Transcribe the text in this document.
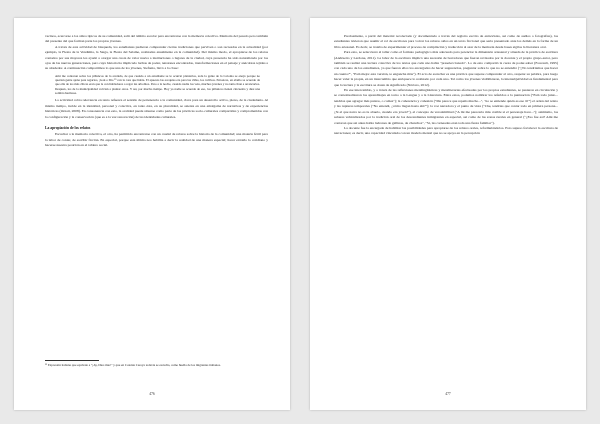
vecinos, acercarse a los sitios típicos de su comunidad, salir del ámbito escolar para encontrarse con la memoria colectiva. Memoria del pasado pero también del presente del que forman parte los propios jóvenes.

A través de esta actividad de búsqueda, los estudiantes pudieron comprender ciertas tradiciones que perviven o son recreadas en la actualidad (por ejemplo, la Fiesta de la Vendimia, la Siega, la Fiesta del Salame, realizadas anualmente en la comunidad). Del mismo modo, el apropiarse de los relatos contados por sus mayores les ayudó a otorgar una cuota de valor nueva a instituciones o lugares de la ciudad, cuya presencia ha sido naturalizada por los ojos de las nuevas generaciones, pero cuya historia ha implicado luchas de poder, tensiones encontradas, transformaciones en el paisaje y anécdotas tejidas a su alrededor. A continuación compartimos lo que una de los jóvenes, Stefanía, llevó a la clase:

Ami me contaron sobre los pilluncos de la avenida, de que cuando a un estudiante se le ocurrió plantarlos, toda la gente de la Colonia se enojó porque no querían gente ajena para regarlos, ¡Gaú o Dio ³⁹ con la cara que había. El apuesto las acequias era para las viñas, los cultivos. Entonces, en ebullo se acuerdo de que ella de los más chicas eran que le con habladores a regar las arbolitos. Pero a la noche, cuando nadie los veía, muchos jóvenes y no tanto iban a arrancarlos. Después, los de la municipalidad volvían a plantar otros. Y así, por mucho tiempo. Hoy ya nadie se acuerda de eso, los pilluncos tienen cincuenta y diez una sombra hermosa.

La actividad cobra relevancia en tanto refuerza el sentido de pertenencia a la comunidad, clave para un desarrollo activo, pleno, de la ciudadanía. Al mismo tiempo, incide en la identidad, personal y colectiva, en tanto ésta, en su pluralidad, se asienta en una amalgama de narrativas y de experiencias históricas (Ornati, 2008). En consonancia con esto, la oralidad puede situarse como parte de las prácticas socio-culturales compartidas y comprometidas con la configuración y la conservación (que es a la vez renovación) de las identidades culturales.

La apropiación de los relatos

Escuchar a la memoria colectiva, el otro, ha permitido encontrarse con un caudal de relatos sobre la historia de la comunidad; una materia fértil para la labor de contar, de escribir ficción. En especial, porque esta última nos habilita a decir la realidad de una manera especial; hacer extraño lo cotidiano y hacerse nuestra posición en el tablero social.

³⁹ Expresión italiana que equivale a "¡Ay, Dios mío!" y que en Colonia Caroya todavía se escucha, como huella de los migrantes italianos.
476

Precisamente, a partir del material recolectado (y documentado a través del registro escrito de entrevistas, así como de audios o fotografías), los estudiantes tuvieron que asumir el rol de escritores para volcar los relatos oídos en un texto ficcional que sería presentado ante los demás en la forma de un libro artesanal. Es decir, se trataba de experimentar el proceso de compilación y traducción al azar de la memoria desde bases sigilos la literatura oral.

Para esto, se seleccionó al taller como el formato pedagógico más adecuado para potenciar la dimensión artesanal y situada de la práctica de escritura (Andruetto y Lardone, 2011). La labor de la escritura implicó una sucesión de borradores que fueron revisados por la docente y el propio grupo-autor, pero también se realizó una lectura colectiva de los textos que cada uno había "preseleccionado". Lo de esto compartió la cuota de poder-saber (Foucault, 1995) con cada uno de los estudiantes, ya que fueron ellos los encargados de hacer sugerencias, preguntar sobre lo que no se entendió ("¿No tendríamos que hacer un cuento?", "Está mejor esta versión, te engancha más"). El acto de escuchar es una práctica que supone comprender al otro, respetar su palabra, para luego hacer valer la propia, en un intercambio que enriquece lo realizado por cada uno. Tal como los jóvenes visibilizaron, la intersubjetividad es fundamental para que la lectura y la escritura se doten de significado (Nórtaro, 2012).

En ese intercambio, y a través de las reflexiones metalingüísticas y metaliterarias efectuadas por los propios estudiantes, se pusieron en circulación y se contextualizaron los aprendizajes en torno a la Lengua y a la Literatura. Entre estos, podemos nombrar los referidos a la puntuación ("Está todo junto... tendrías que agregar más puntos, o comas"); la coherencia y cohesión ("Me parece que repetís mucho...", "no se entiende quién es ese 'él'") el orden del relato y las rupturas temporales ("No entendí, ¿cómo llegan hasta ahí?"); la voz narradora y el punto de vista ("Che, tendrías que contar todo en primera persona... ¿Si el que narra no es tu abuelo, cuando era joven?"), el concepto de verosimilitud ("A mí me parecería más creíble si el personaje hace..."); asimismo, los saberes vehiculizados por la tradición oral de los descendientes inmigrantes en especial, así como de las zonas rurales en general ("¿Eso fue así? Ami me contaron que así antes había ladrones de gallinas, de chanchos", "Sí, las carneadas eran toda una fiesta familiar").

La docente fue la encargada de habilitar las posibilidades para apropiarse de los relatos orales, reformulándolos. Esto supuso fortalecer la escritura de narraciones; es decir, una capacidad vinculada con un modelo mental que no se apoya en la percepción

477
